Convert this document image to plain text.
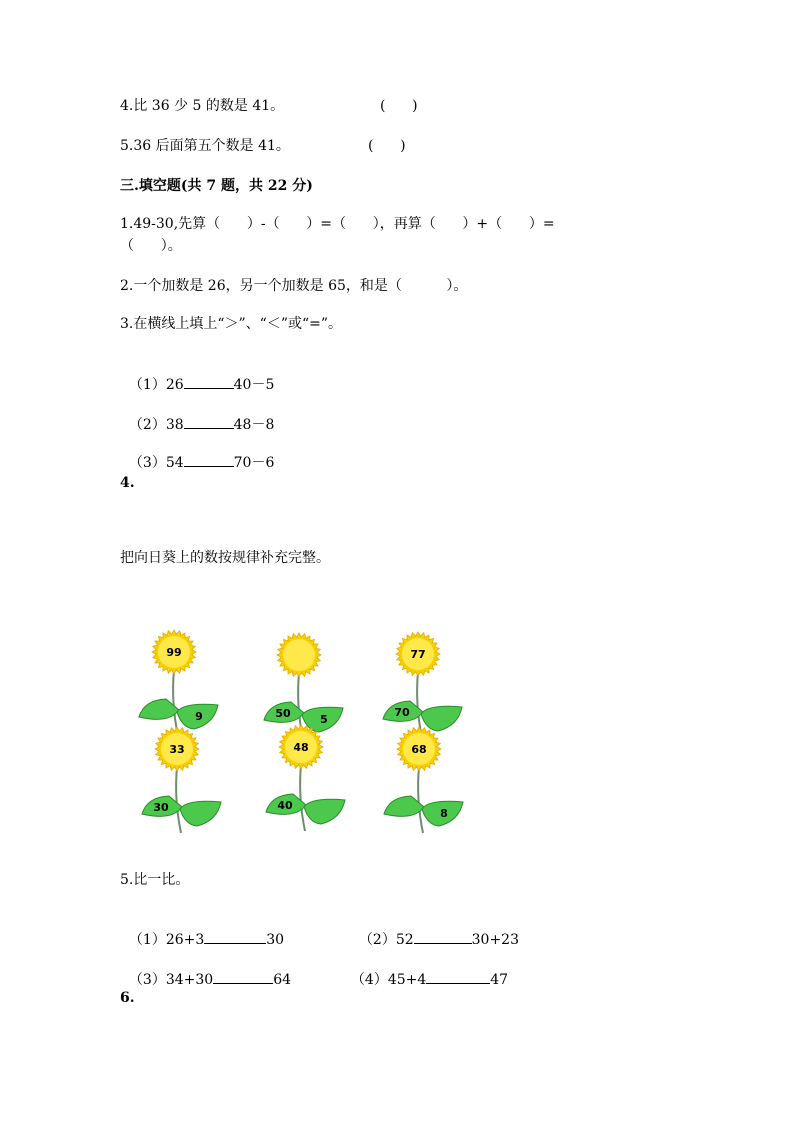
4.比 36 少 5 的数是 41。	(      )
5.36 后面第五个数是 41。	(      )
三.填空题(共 7 题，共 22 分)
1.49-30,先算（      ）-（      ）=（      ），再算（      ）+（      ）=
（      ）。
2.一个加数是 26，另一个加数是 65，和是（          ）。
3.在横线上填上“＞”、“＜”或“=”。

（1）26	40－5

（2）38	48－8

（3）54	70－6

4.
把向日葵上的数按规律补充完整。
99
9	50	5
77
70
33
30
48
40
68
8
5.比一比。

（1）26+3	30	（2）52	30+23

（3）34+30	64	（4）45+4	47

6.
